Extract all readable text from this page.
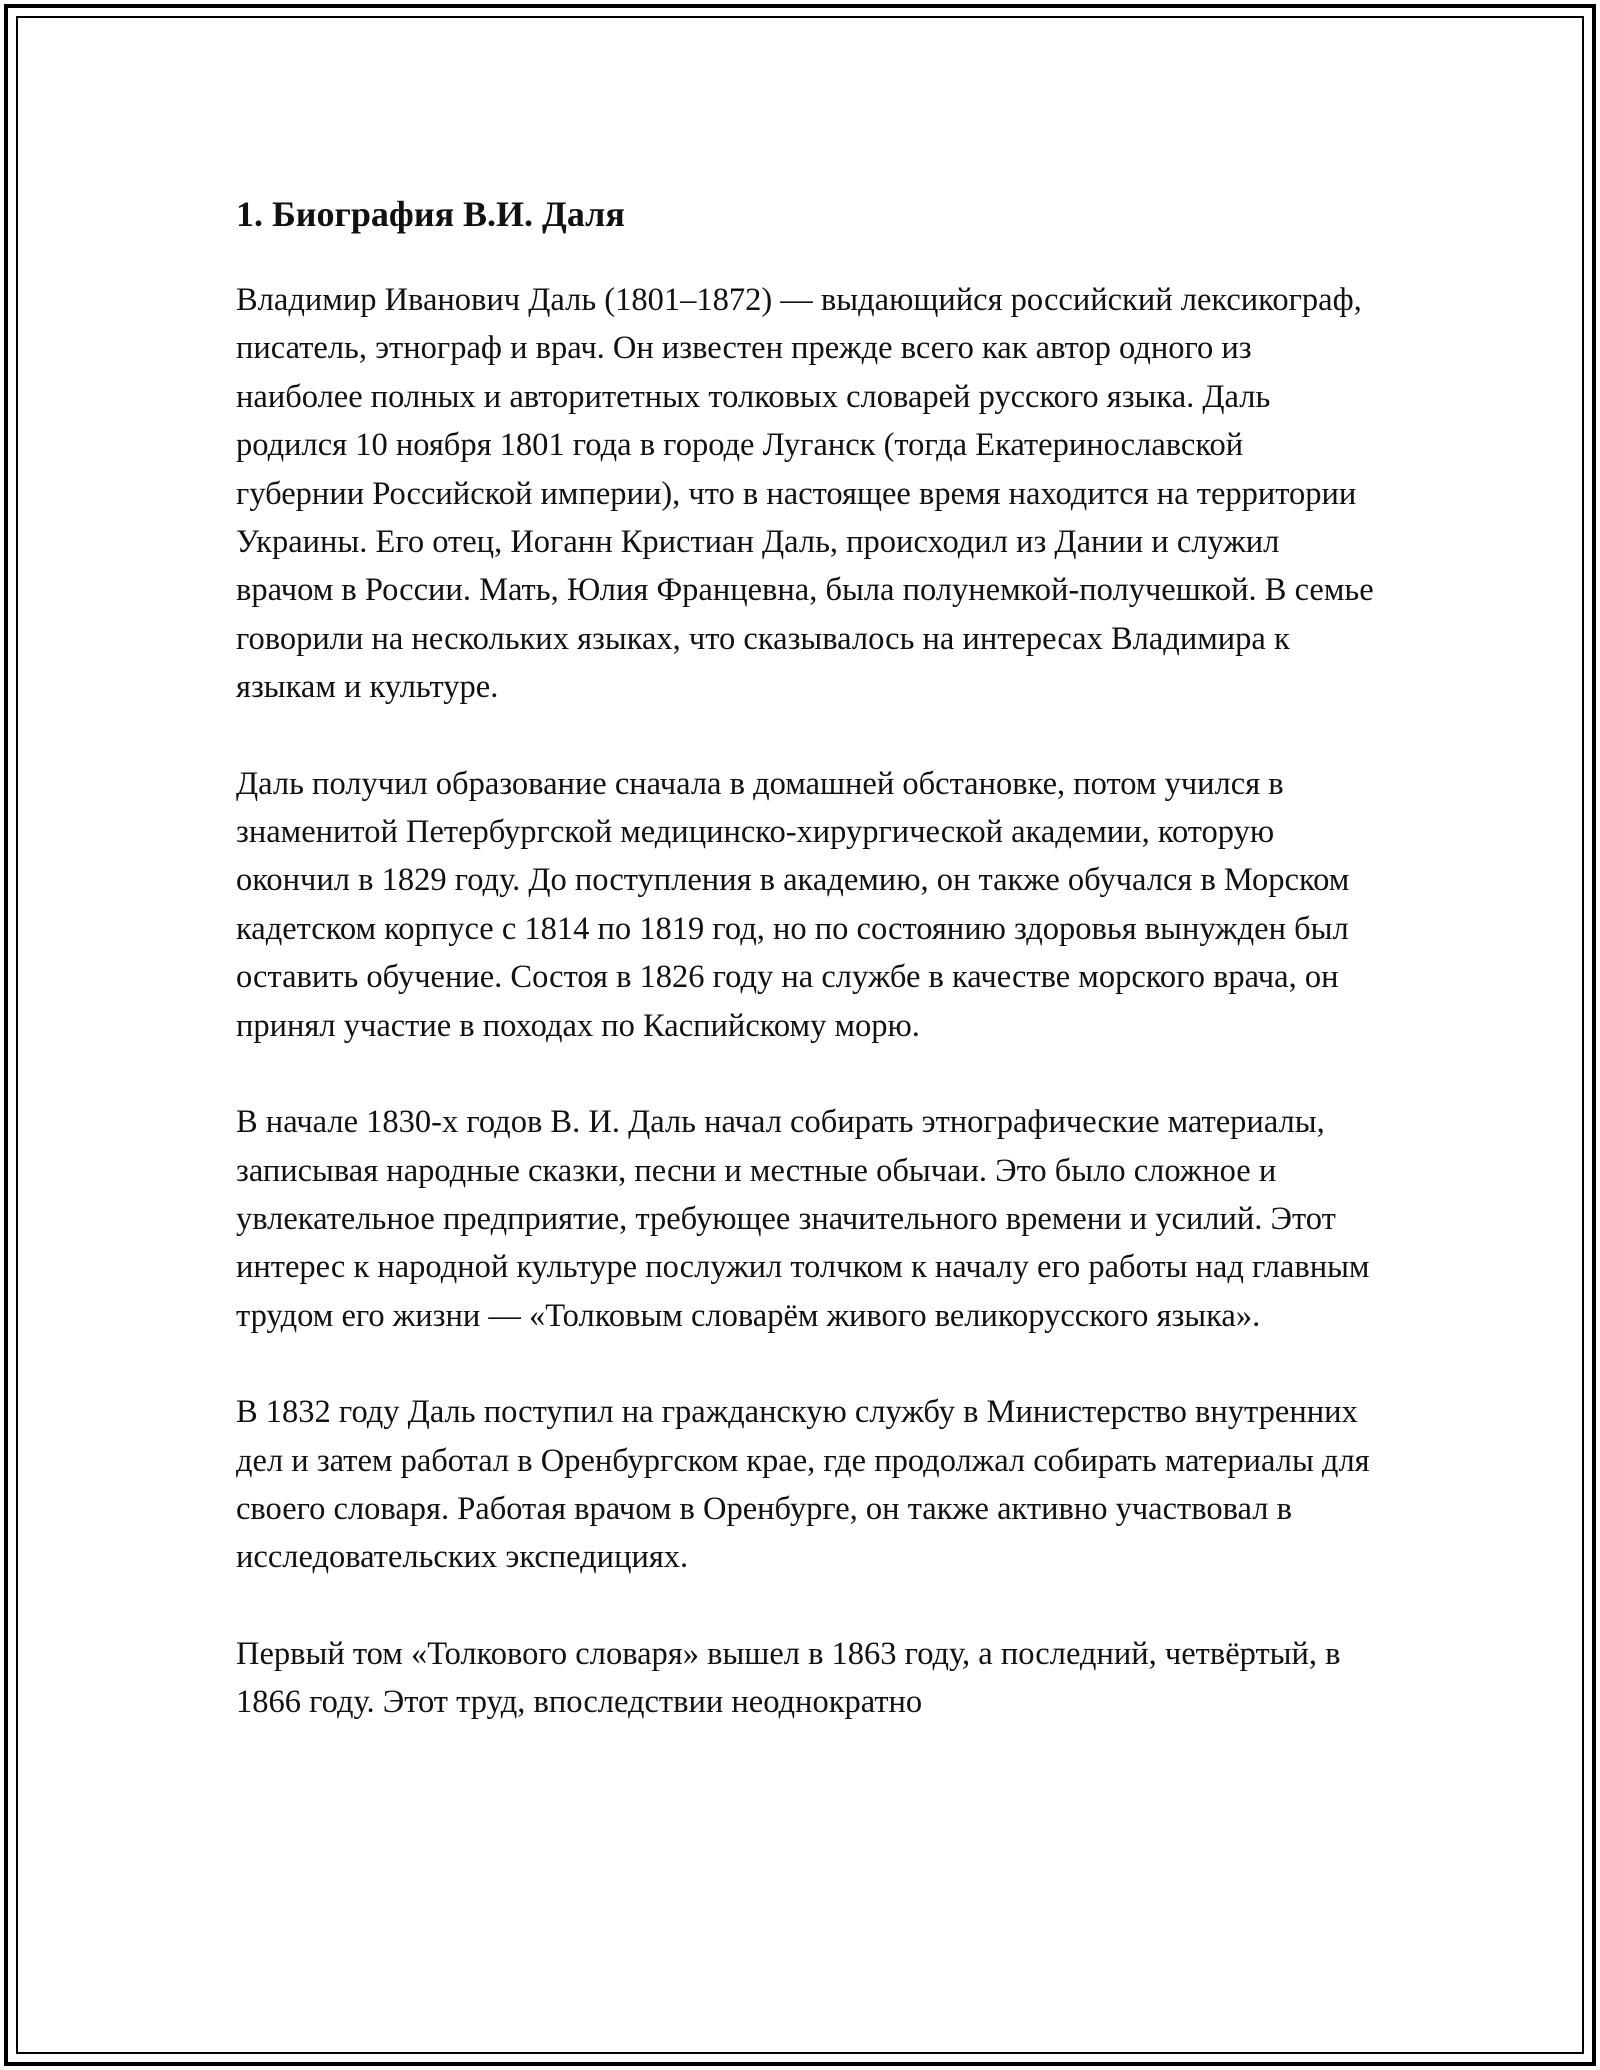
1. Биография В.И. Даля

Владимир Иванович Даль (1801–1872) — выдающийся российский лексикограф, писатель, этнограф и врач. Он известен прежде всего как автор одного из наиболее полных и авторитетных толковых словарей русского языка. Даль родился 10 ноября 1801 года в городе Луганск (тогда Екатеринославской губернии Российской империи), что в настоящее время находится на территории Украины. Его отец, Иоганн Кристиан Даль, происходил из Дании и служил врачом в России. Мать, Юлия Францевна, была полунемкой-получешкой. В семье говорили на нескольких языках, что сказывалось на интересах Владимира к языкам и культуре.

Даль получил образование сначала в домашней обстановке, потом учился в знаменитой Петербургской медицинско-хирургической академии, которую окончил в 1829 году. До поступления в академию, он также обучался в Морском кадетском корпусе с 1814 по 1819 год, но по состоянию здоровья вынужден был оставить обучение. Состоя в 1826 году на службе в качестве морского врача, он принял участие в походах по Каспийскому морю.

В начале 1830-х годов В. И. Даль начал собирать этнографические материалы, записывая народные сказки, песни и местные обычаи. Это было сложное и увлекательное предприятие, требующее значительного времени и усилий. Этот интерес к народной культуре послужил толчком к началу его работы над главным трудом его жизни — «Толковым словарём живого великорусского языка».

В 1832 году Даль поступил на гражданскую службу в Министерство внутренних дел и затем работал в Оренбургском крае, где продолжал собирать материалы для своего словаря. Работая врачом в Оренбурге, он также активно участвовал в исследовательских экспедициях.

Первый том «Толкового словаря» вышел в 1863 году, а последний, четвёртый, в 1866 году. Этот труд, впоследствии неоднократно
